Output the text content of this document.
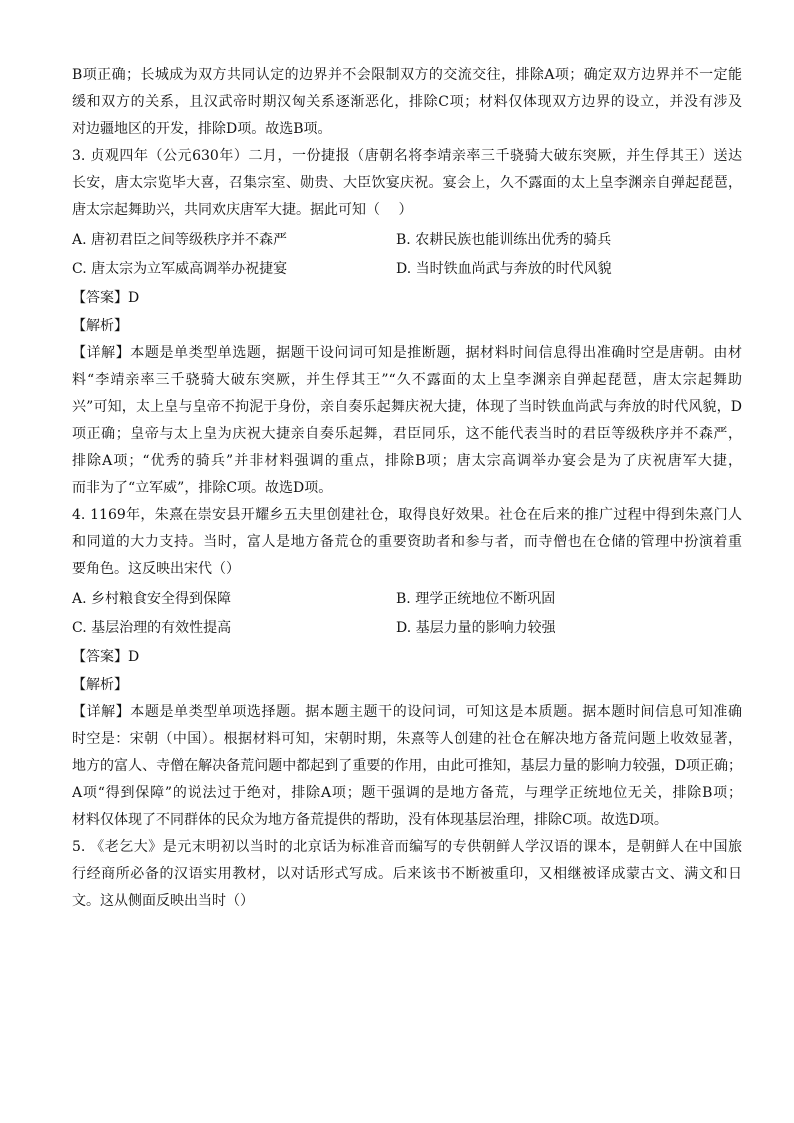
B项正确；长城成为双方共同认定的边界并不会限制双方的交流交往，排除A项；确定双方边界并不一定能
缓和双方的关系，且汉武帝时期汉匈关系逐渐恶化，排除C项；材料仅体现双方边界的设立，并没有涉及
对边疆地区的开发，排除D项。故选B项。
3. 贞观四年（公元630年）二月，一份捷报（唐朝名将李靖亲率三千骁骑大破东突厥，并生俘其王）送达
长安，唐太宗览毕大喜，召集宗室、勋贵、大臣饮宴庆祝。宴会上，久不露面的太上皇李渊亲自弹起琵琶，
唐太宗起舞助兴，共同欢庆唐军大捷。据此可知（　 ）
A. 唐初君臣之间等级秩序并不森严	B. 农耕民族也能训练出优秀的骑兵
C. 唐太宗为立军威高调举办祝捷宴	D. 当时铁血尚武与奔放的时代风貌
【答案】D
【解析】
【详解】本题是单类型单选题，据题干设问词可知是推断题，据材料时间信息得出准确时空是唐朝。由材
料“李靖亲率三千骁骑大破东突厥，并生俘其王”“久不露面的太上皇李渊亲自弹起琵琶，唐太宗起舞助
兴”可知，太上皇与皇帝不拘泥于身份，亲自奏乐起舞庆祝大捷，体现了当时铁血尚武与奔放的时代风貌，D
项正确；皇帝与太上皇为庆祝大捷亲自奏乐起舞，君臣同乐，这不能代表当时的君臣等级秩序并不森严，
排除A项；“优秀的骑兵”并非材料强调的重点，排除B项；唐太宗高调举办宴会是为了庆祝唐军大捷，
而非为了“立军威”，排除C项。故选D项。
4. 1169年，朱熹在崇安县开耀乡五夫里创建社仓，取得良好效果。社仓在后来的推广过程中得到朱熹门人
和同道的大力支持。当时，富人是地方备荒仓的重要资助者和参与者，而寺僧也在仓储的管理中扮演着重
要角色。这反映出宋代（）
A. 乡村粮食安全得到保障	B. 理学正统地位不断巩固
C. 基层治理的有效性提高	D. 基层力量的影响力较强
【答案】D
【解析】
【详解】本题是单类型单项选择题。据本题主题干的设问词，可知这是本质题。据本题时间信息可知准确
时空是：宋朝（中国）。根据材料可知，宋朝时期，朱熹等人创建的社仓在解决地方备荒问题上收效显著，
地方的富人、寺僧在解决备荒问题中都起到了重要的作用，由此可推知，基层力量的影响力较强，D项正确；
A项“得到保障”的说法过于绝对，排除A项；题干强调的是地方备荒，与理学正统地位无关，排除B项；
材料仅体现了不同群体的民众为地方备荒提供的帮助，没有体现基层治理，排除C项。故选D项。
5. 《老乞大》是元末明初以当时的北京话为标准音而编写的专供朝鲜人学汉语的课本，是朝鲜人在中国旅
行经商所必备的汉语实用教材，以对话形式写成。后来该书不断被重印，又相继被译成蒙古文、满文和日
文。这从侧面反映出当时（）
